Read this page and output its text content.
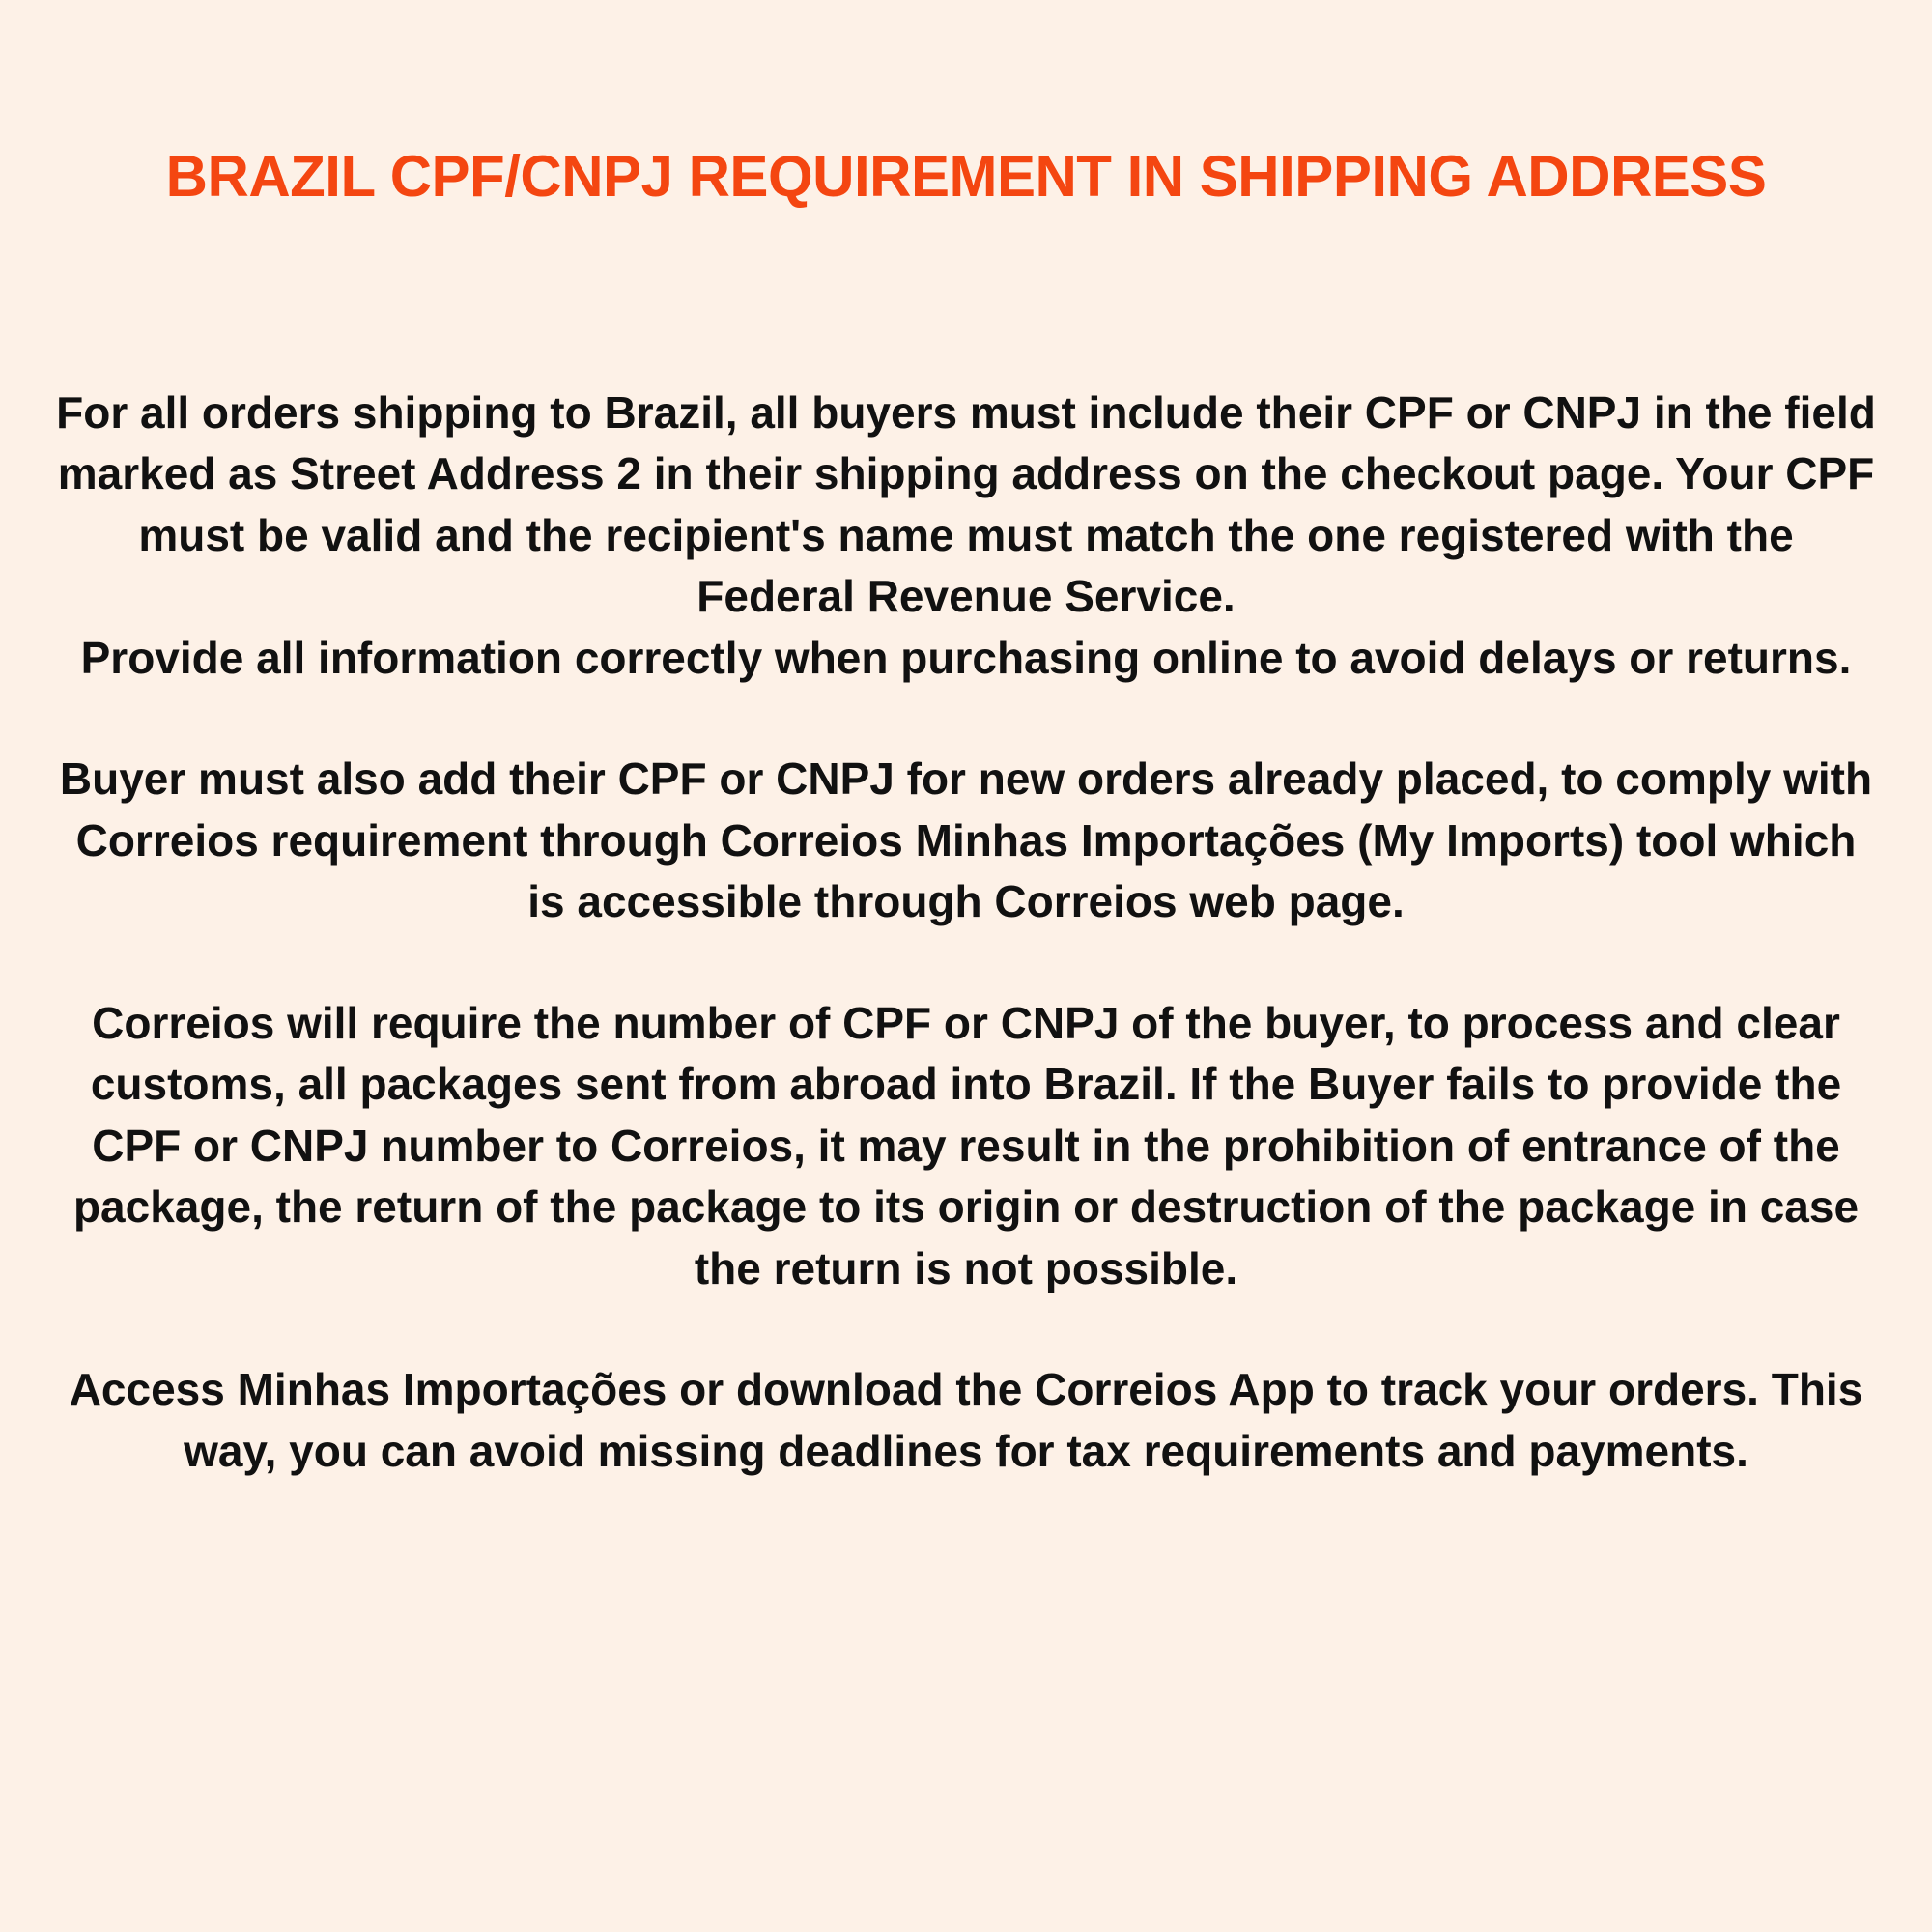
BRAZIL CPF/CNPJ REQUIREMENT IN SHIPPING ADDRESS

For all orders shipping to Brazil, all buyers must include their CPF or CNPJ in the field marked as Street Address 2 in their shipping address on the checkout page. Your CPF must be valid and the recipient's name must match the one registered with the Federal Revenue Service.

Provide all information correctly when purchasing online to avoid delays or returns.

Buyer must also add their CPF or CNPJ for new orders already placed, to comply with Correios requirement through Correios Minhas Importações (My Imports) tool which is accessible through Correios web page.

Correios will require the number of CPF or CNPJ of the buyer, to process and clear customs, all packages sent from abroad into Brazil. If the Buyer fails to provide the CPF or CNPJ number to Correios, it may result in the prohibition of entrance of the package, the return of the package to its origin or destruction of the package in case the return is not possible.

Access Minhas Importações or download the Correios App to track your orders. This way, you can avoid missing deadlines for tax requirements and payments.
